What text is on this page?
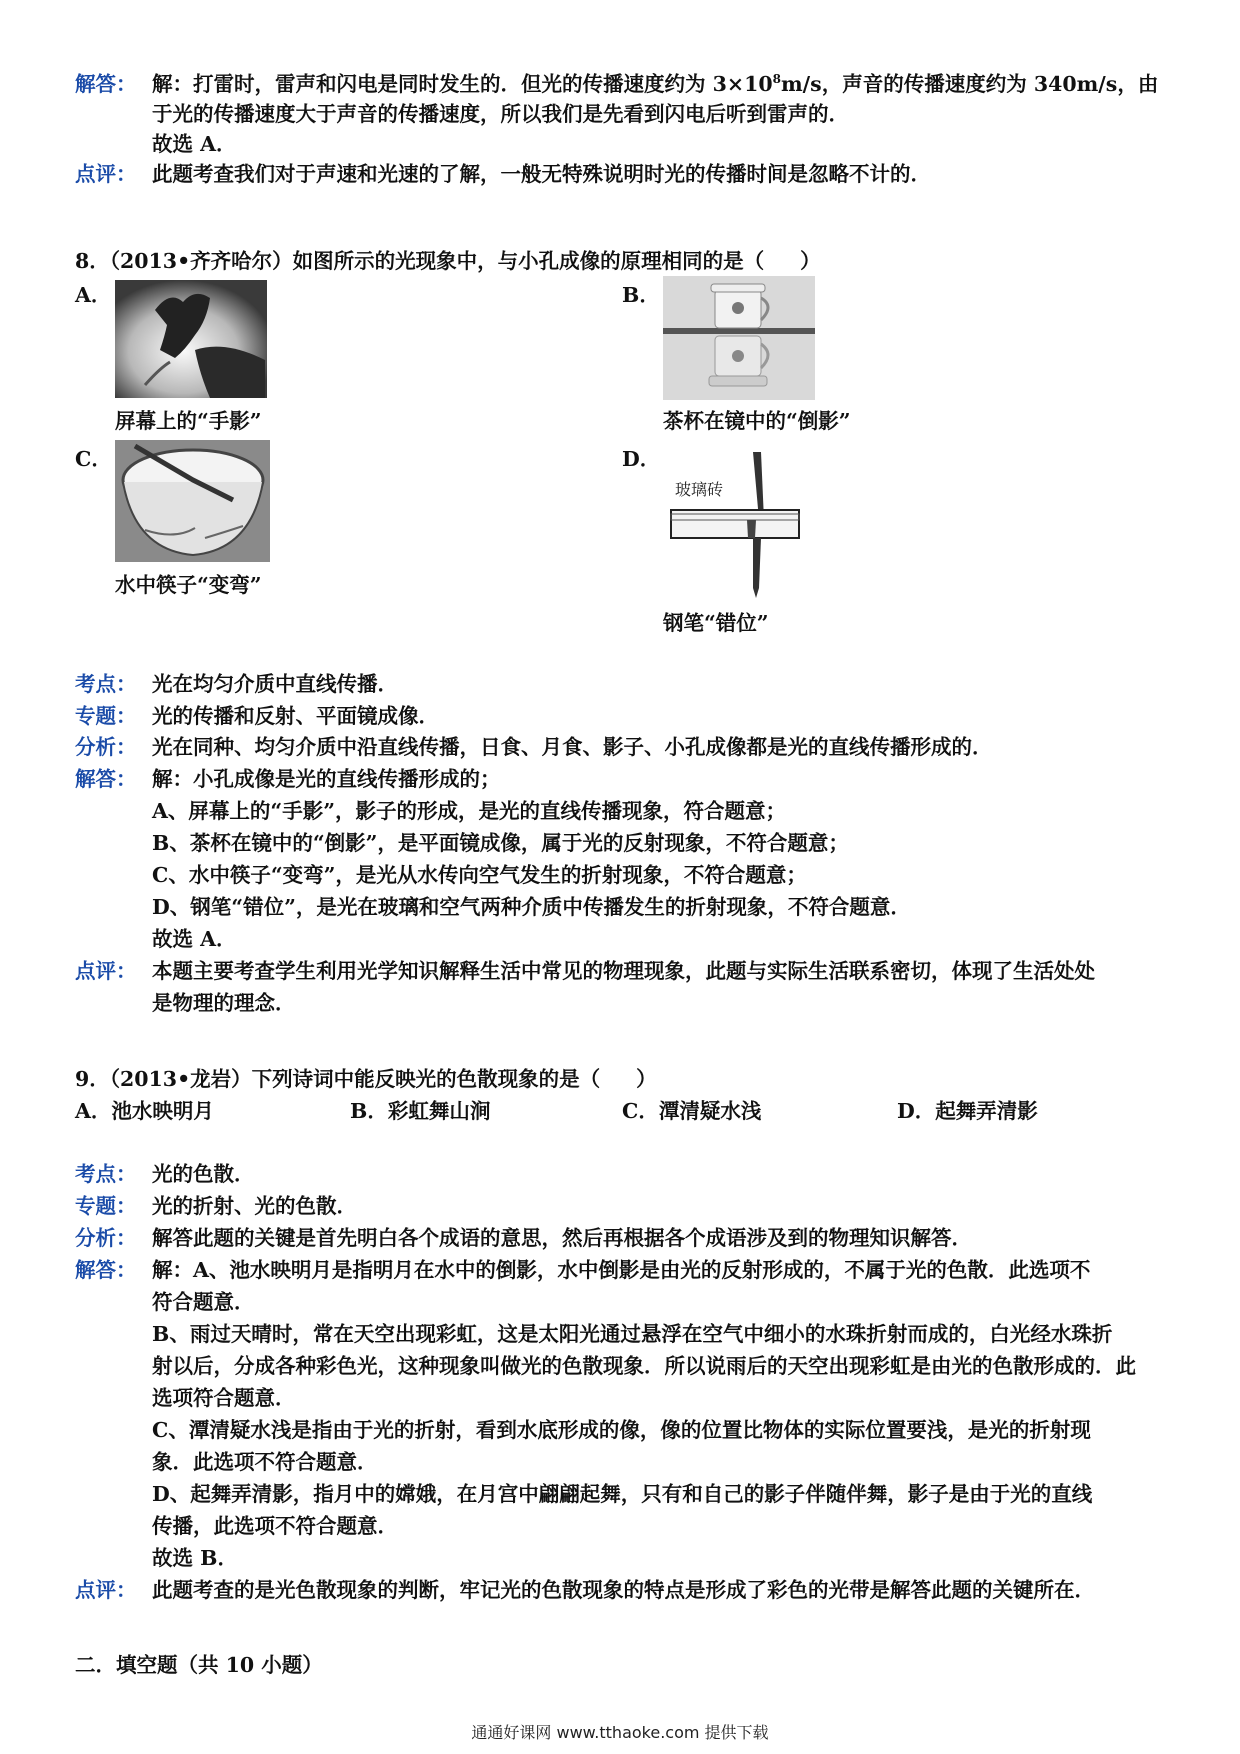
解答： 解：打雷时，雷声和闪电是同时发生的．但光的传播速度约为 $3\times 10^8m/s$，声音的传播速度约为 340m/s，由
于光的传播速度大于声音的传播速度，所以我们是先看到闪电后听到雷声的．
故选 A．
点评： 此题考查我们对于声速和光速的了解，一般无特殊说明时光的传播时间是忽略不计的．
8．（2013•齐齐哈尔）如图所示的光现象中，与小孔成像的原理相同的是（ ）
A．
屏幕上的“手影”
B．
茶杯在镜中的“倒影”
C．
水中筷子“变弯”
D．
玻璃砖
钢笔“错位”
考点： 光在均匀介质中直线传播．
专题： 光的传播和反射、平面镜成像．
分析： 光在同种、均匀介质中沿直线传播，日食、月食、影子、小孔成像都是光的直线传播形成的．
解答： 解：小孔成像是光的直线传播形成的；
A、屏幕上的“手影”，影子的形成，是光的直线传播现象，符合题意；
B、茶杯在镜中的“倒影”，是平面镜成像，属于光的反射现象，不符合题意；
C、水中筷子“变弯”，是光从水传向空气发生的折射现象，不符合题意；
D、钢笔“错位”，是光在玻璃和空气两种介质中传播发生的折射现象，不符合题意．
故选 A．
点评： 本题主要考查学生利用光学知识解释生活中常见的物理现象，此题与实际生活联系密切，体现了生活处处
是物理的理念．
9．（2013•龙岩）下列诗词中能反映光的色散现象的是（ ）
A．池水映明月	B．彩虹舞山涧	C．潭清疑水浅	D．起舞弄清影
考点： 光的色散．
专题： 光的折射、光的色散．
分析： 解答此题的关键是首先明白各个成语的意思，然后再根据各个成语涉及到的物理知识解答．
解答： 解：A、池水映明月是指明月在水中的倒影，水中倒影是由光的反射形成的，不属于光的色散．此选项不
符合题意．
B、雨过天晴时，常在天空出现彩虹，这是太阳光通过悬浮在空气中细小的水珠折射而成的，白光经水珠折
射以后，分成各种彩色光，这种现象叫做光的色散现象．所以说雨后的天空出现彩虹是由光的色散形成的．此
选项符合题意．
C、潭清疑水浅是指由于光的折射，看到水底形成的像，像的位置比物体的实际位置要浅，是光的折射现
象．此选项不符合题意．
D、起舞弄清影，指月中的嫦娥，在月宫中翩翩起舞，只有和自己的影子伴随伴舞，影子是由于光的直线
传播，此选项不符合题意．
故选 B．
点评： 此题考查的是光色散现象的判断，牢记光的色散现象的特点是形成了彩色的光带是解答此题的关键所在．
二．填空题（共 10 小题）
通通好课网 www.tthaoke.com 提供下载
